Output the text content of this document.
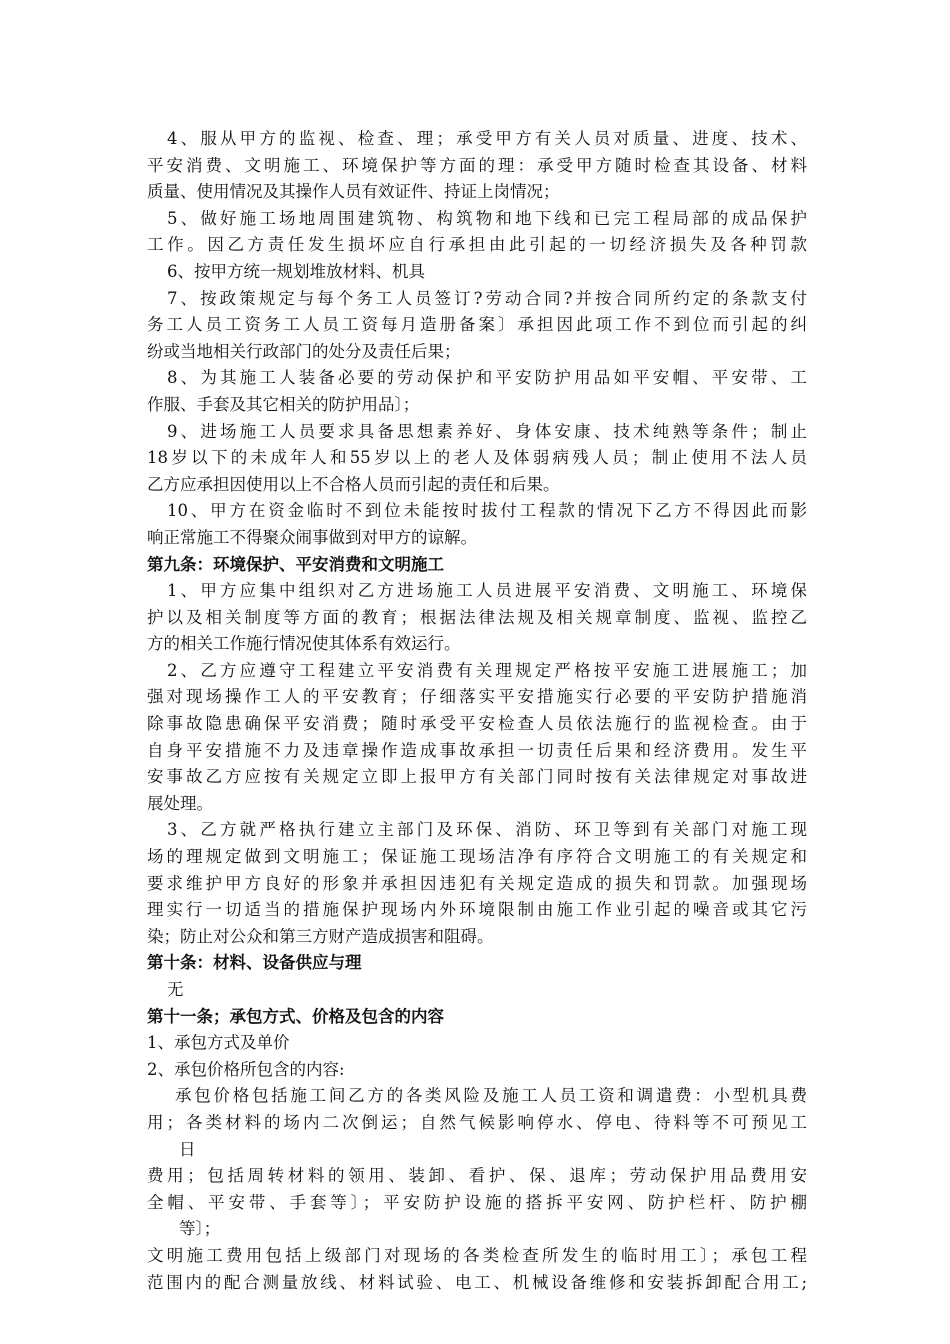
4、服从甲方的监视、检查、理；承受甲方有关人员对质量、进度、技术、
平安消费、文明施工、环境保护等方面的理：承受甲方随时检查其设备、材料
质量、使用情况及其操作人员有效证件、持证上岗情况；
5、做好施工场地周围建筑物、构筑物和地下线和已完工程局部的成品保护
工作。因乙方责任发生损坏应自行承担由此引起的一切经济损失及各种罚款
6、按甲方统一规划堆放材料、机具
7、按政策规定与每个务工人员签订?劳动合同?并按合同所约定的条款支付
务工人员工资务工人员工资每月造册备案〕承担因此项工作不到位而引起的纠
纷或当地相关行政部门的处分及责任后果；
8、为其施工人装备必要的劳动保护和平安防护用品如平安帽、平安带、工
作服、手套及其它相关的防护用品〕；
9、进场施工人员要求具备思想素养好、身体安康、技术纯熟等条件；制止
18岁以下的未成年人和55岁以上的老人及体弱病残人员；制止使用不法人员
乙方应承担因使用以上不合格人员而引起的责任和后果。
10、甲方在资金临时不到位未能按时拔付工程款的情况下乙方不得因此而影
响正常施工不得聚众闹事做到对甲方的谅解。
第九条：环境保护、平安消费和文明施工
1、甲方应集中组织对乙方进场施工人员进展平安消费、文明施工、环境保
护以及相关制度等方面的教育；根据法律法规及相关规章制度、监视、监控乙
方的相关工作施行情况使其体系有效运行。
2、乙方应遵守工程建立平安消费有关理规定严格按平安施工进展施工；加
强对现场操作工人的平安教育；仔细落实平安措施实行必要的平安防护措施消
除事故隐患确保平安消费；随时承受平安检查人员依法施行的监视检查。由于
自身平安措施不力及违章操作造成事故承担一切责任后果和经济费用。发生平
安事故乙方应按有关规定立即上报甲方有关部门同时按有关法律规定对事故进
展处理。
3、乙方就严格执行建立主部门及环保、消防、环卫等到有关部门对施工现
场的理规定做到文明施工；保证施工现场洁净有序符合文明施工的有关规定和
要求维护甲方良好的形象并承担因违犯有关规定造成的损失和罚款。加强现场
理实行一切适当的措施保护现场内外环境限制由施工作业引起的噪音或其它污
染；防止对公众和第三方财产造成损害和阻碍。
第十条：材料、设备供应与理
无
第十一条；承包方式、价格及包含的内容
1、承包方式及单价
2、承包价格所包含的内容:
承包价格包括施工间乙方的各类风险及施工人员工资和调遣费：小型机具费
用；各类材料的场内二次倒运；自然气候影响停水、停电、待料等不可预见工
日
费用；包括周转材料的领用、装卸、看护、保、退库；劳动保护用品费用安
全帽、平安带、手套等〕；平安防护设施的搭拆平安网、防护栏杆、防护棚
等〕；
文明施工费用包括上级部门对现场的各类检查所发生的临时用工〕；承包工程
范围内的配合测量放线、材料试验、电工、机械设备维修和安装拆卸配合用工;
